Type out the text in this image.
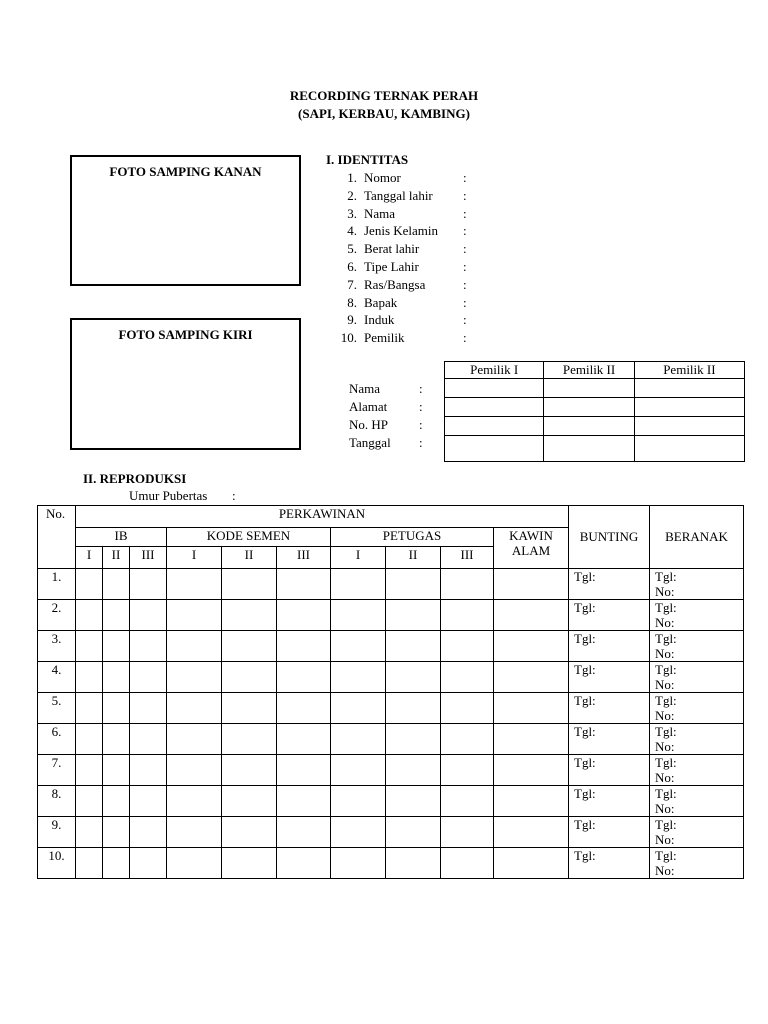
RECORDING TERNAK PERAH
(SAPI, KERBAU, KAMBING)
FOTO SAMPING KANAN
FOTO SAMPING KIRI
I. IDENTITAS
1. Nomor	:
2. Tanggal lahir :
3. Nama	:
4. Jenis Kelamin :
5. Berat lahir	:
6. Tipe Lahir	:
7. Ras/Bangsa	:
8. Bapak	:
9. Induk	:
10. Pemilik	:
Nama	:
Alamat :
No. HP :
Tanggal :
Pemilik I	Pemilik II	Pemilik II

II. REPRODUKSI
Umur Pubertas :
No.	PERKAWINAN										BUNTING	BERANAK
	IB			KODE SEMEN			PETUGAS			KAWIN ALAM		
	I	II	III	I	II	III	I	II	III			
1.											Tgl:	Tgl:
No:

2.											Tgl:	Tgl:
No:

3.											Tgl:	Tgl:
No:

4.											Tgl:	Tgl:
No:

5.											Tgl:	Tgl:
No:

6.											Tgl:	Tgl:
No:

7.											Tgl:	Tgl:
No:

8.											Tgl:	Tgl:
No:

9.											Tgl:	Tgl:
No:

10.											Tgl:	Tgl:
No:
